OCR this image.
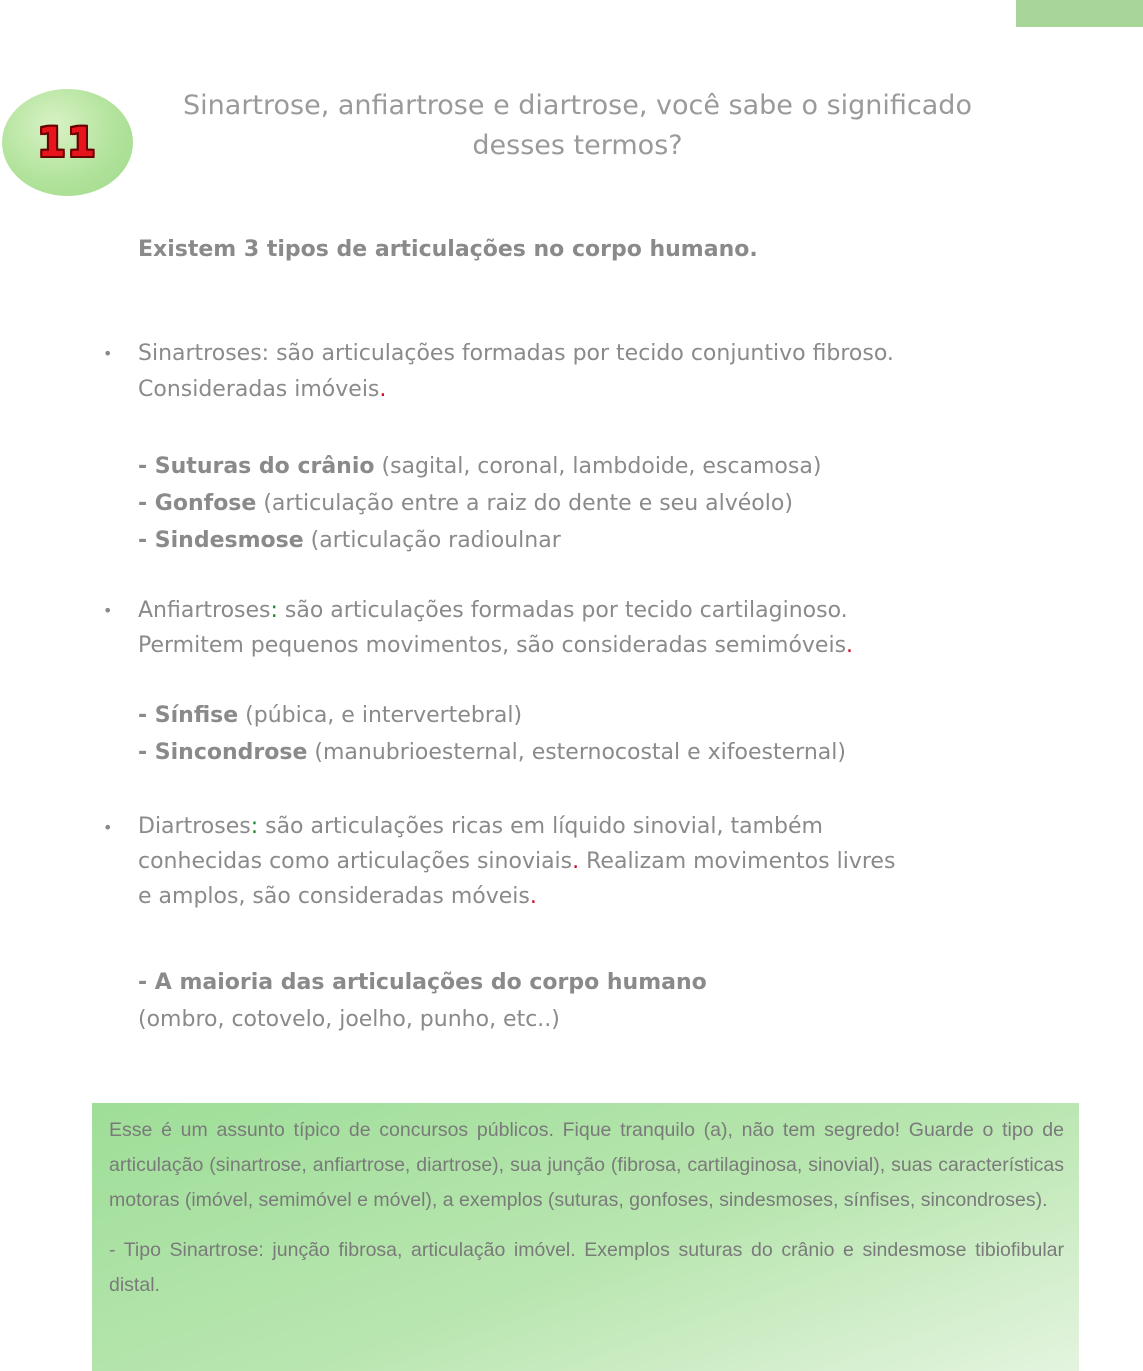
11
Sinartrose, anfiartrose e diartrose, você sabe o significado
desses termos?

Existem 3 tipos de articulações no corpo humano.

• Sinartroses: são articulações formadas por tecido conjuntivo fibroso.
Consideradas imóveis.

- Suturas do crânio (sagital, coronal, lambdoide, escamosa)
- Gonfose (articulação entre a raiz do dente e seu alvéolo)
- Sindesmose (articulação radioulnar

• Anfiartroses: são articulações formadas por tecido cartilaginoso.
Permitem pequenos movimentos, são consideradas semimóveis.

- Sínfise (púbica, e intervertebral)
- Sincondrose (manubrioesternal, esternocostal e xifoesternal)

• Diartroses: são articulações ricas em líquido sinovial, também
conhecidas como articulações sinoviais. Realizam movimentos livres
e amplos, são consideradas móveis.

- A maioria das articulações do corpo humano
(ombro, cotovelo, joelho, punho, etc..)

Esse é um assunto típico de concursos públicos. Fique tranquilo (a), não tem segredo! Guarde o tipo de articulação (sinartrose, anfiartrose, diartrose), sua junção (fibrosa, cartilaginosa, sinovial), suas características motoras (imóvel, semimóvel e móvel), a exemplos (suturas, gonfoses, sindesmoses, sínfises, sincondroses).

- Tipo Sinartrose: junção fibrosa, articulação imóvel. Exemplos suturas do crânio e sindesmose tibiofibular distal.
